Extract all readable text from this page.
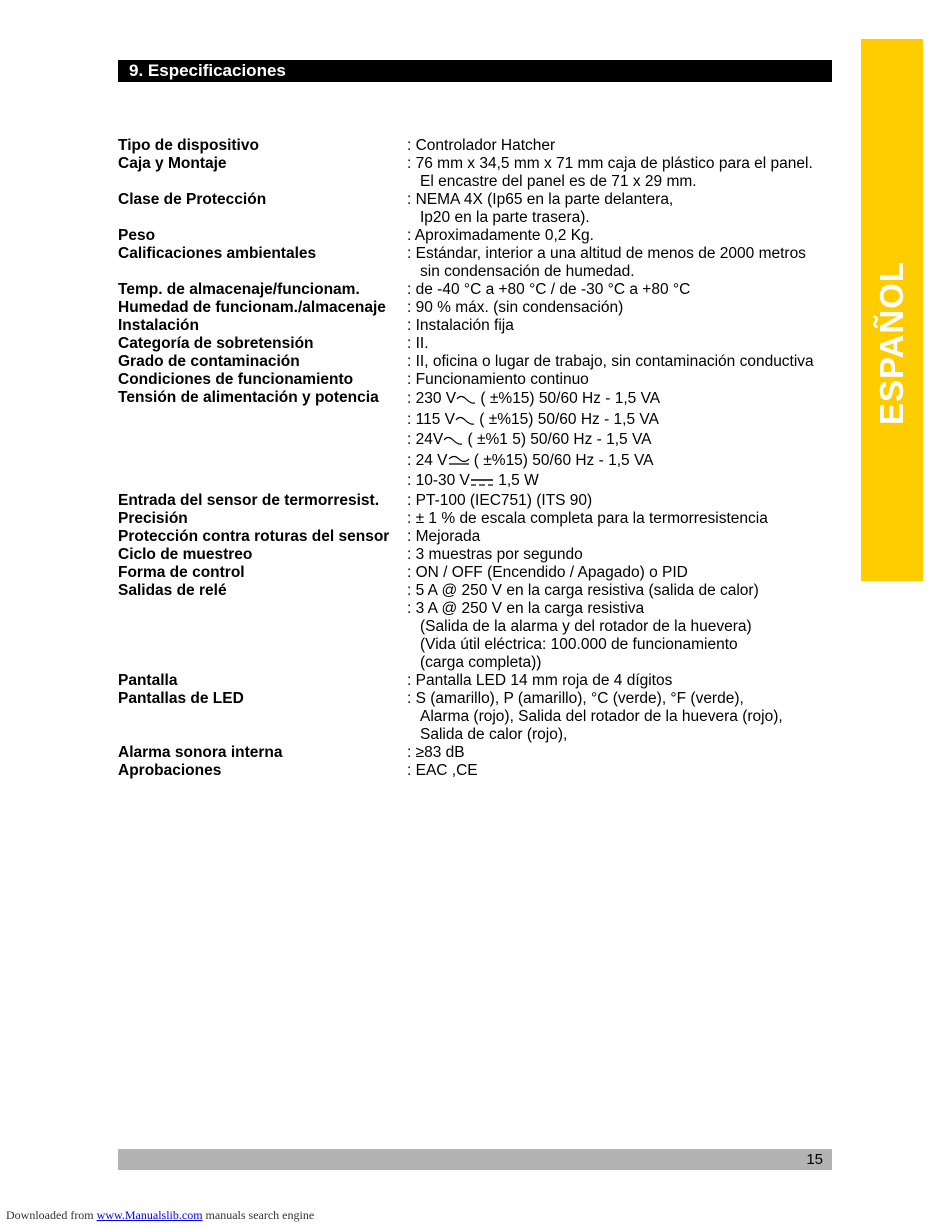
9. Especificaciones
ESPAÑOL
Tipo de dispositivo	: Controlador Hatcher
Caja y Montaje	: 76 mm x 34,5 mm x 71 mm caja de plástico para el panel.
El encastre del panel es de 71 x 29 mm.
Clase de Protección	: NEMA 4X (Ip65 en la parte delantera,
Ip20 en la parte trasera).
Peso	: Aproximadamente 0,2 Kg.
Calificaciones ambientales	: Estándar, interior a una altitud de menos de 2000 metros
sin condensación de humedad.
Temp. de almacenaje/funcionam.	: de -40 °C a +80 °C / de -30 °C a +80 °C
Humedad de funcionam./almacenaje	: 90 % máx. (sin condensación)
Instalación	: Instalación fija
Categoría de sobretensión	: II.
Grado de contaminación	: II, oficina o lugar de trabajo, sin contaminación conductiva
Condiciones de funcionamiento	: Funcionamiento continuo
Tensión de alimentación y potencia	: 230 V ( ±%15) 50/60 Hz - 1,5 VA
: 115 V ( ±%15) 50/60 Hz - 1,5 VA
: 24V ( ±%1 5) 50/60 Hz - 1,5 VA
: 24 V ( ±%15) 50/60 Hz - 1,5 VA
: 10-30 V 1,5 W
Entrada del sensor de termorresist.	: PT-100 (IEC751) (ITS 90)
Precisión	: ± 1 % de escala completa para la termorresistencia
Protección contra roturas del sensor	: Mejorada
Ciclo de muestreo	: 3 muestras por segundo
Forma de control	: ON / OFF (Encendido / Apagado) o PID
Salidas de relé	: 5 A @ 250 V en la carga resistiva (salida de calor)
: 3 A @ 250 V en la carga resistiva
(Salida de la alarma y del rotador de la huevera)
(Vida útil eléctrica: 100.000 de funcionamiento
(carga completa))
Pantalla	: Pantalla LED 14 mm roja de 4 dígitos
Pantallas de LED	: S (amarillo), P (amarillo), °C (verde), °F (verde),
Alarma (rojo), Salida del rotador de la huevera (rojo),
Salida de calor (rojo),
Alarma sonora interna	: ≥83 dB
Aprobaciones	: EAC ,CE
15
Downloaded from www.Manualslib.com manuals search engine
